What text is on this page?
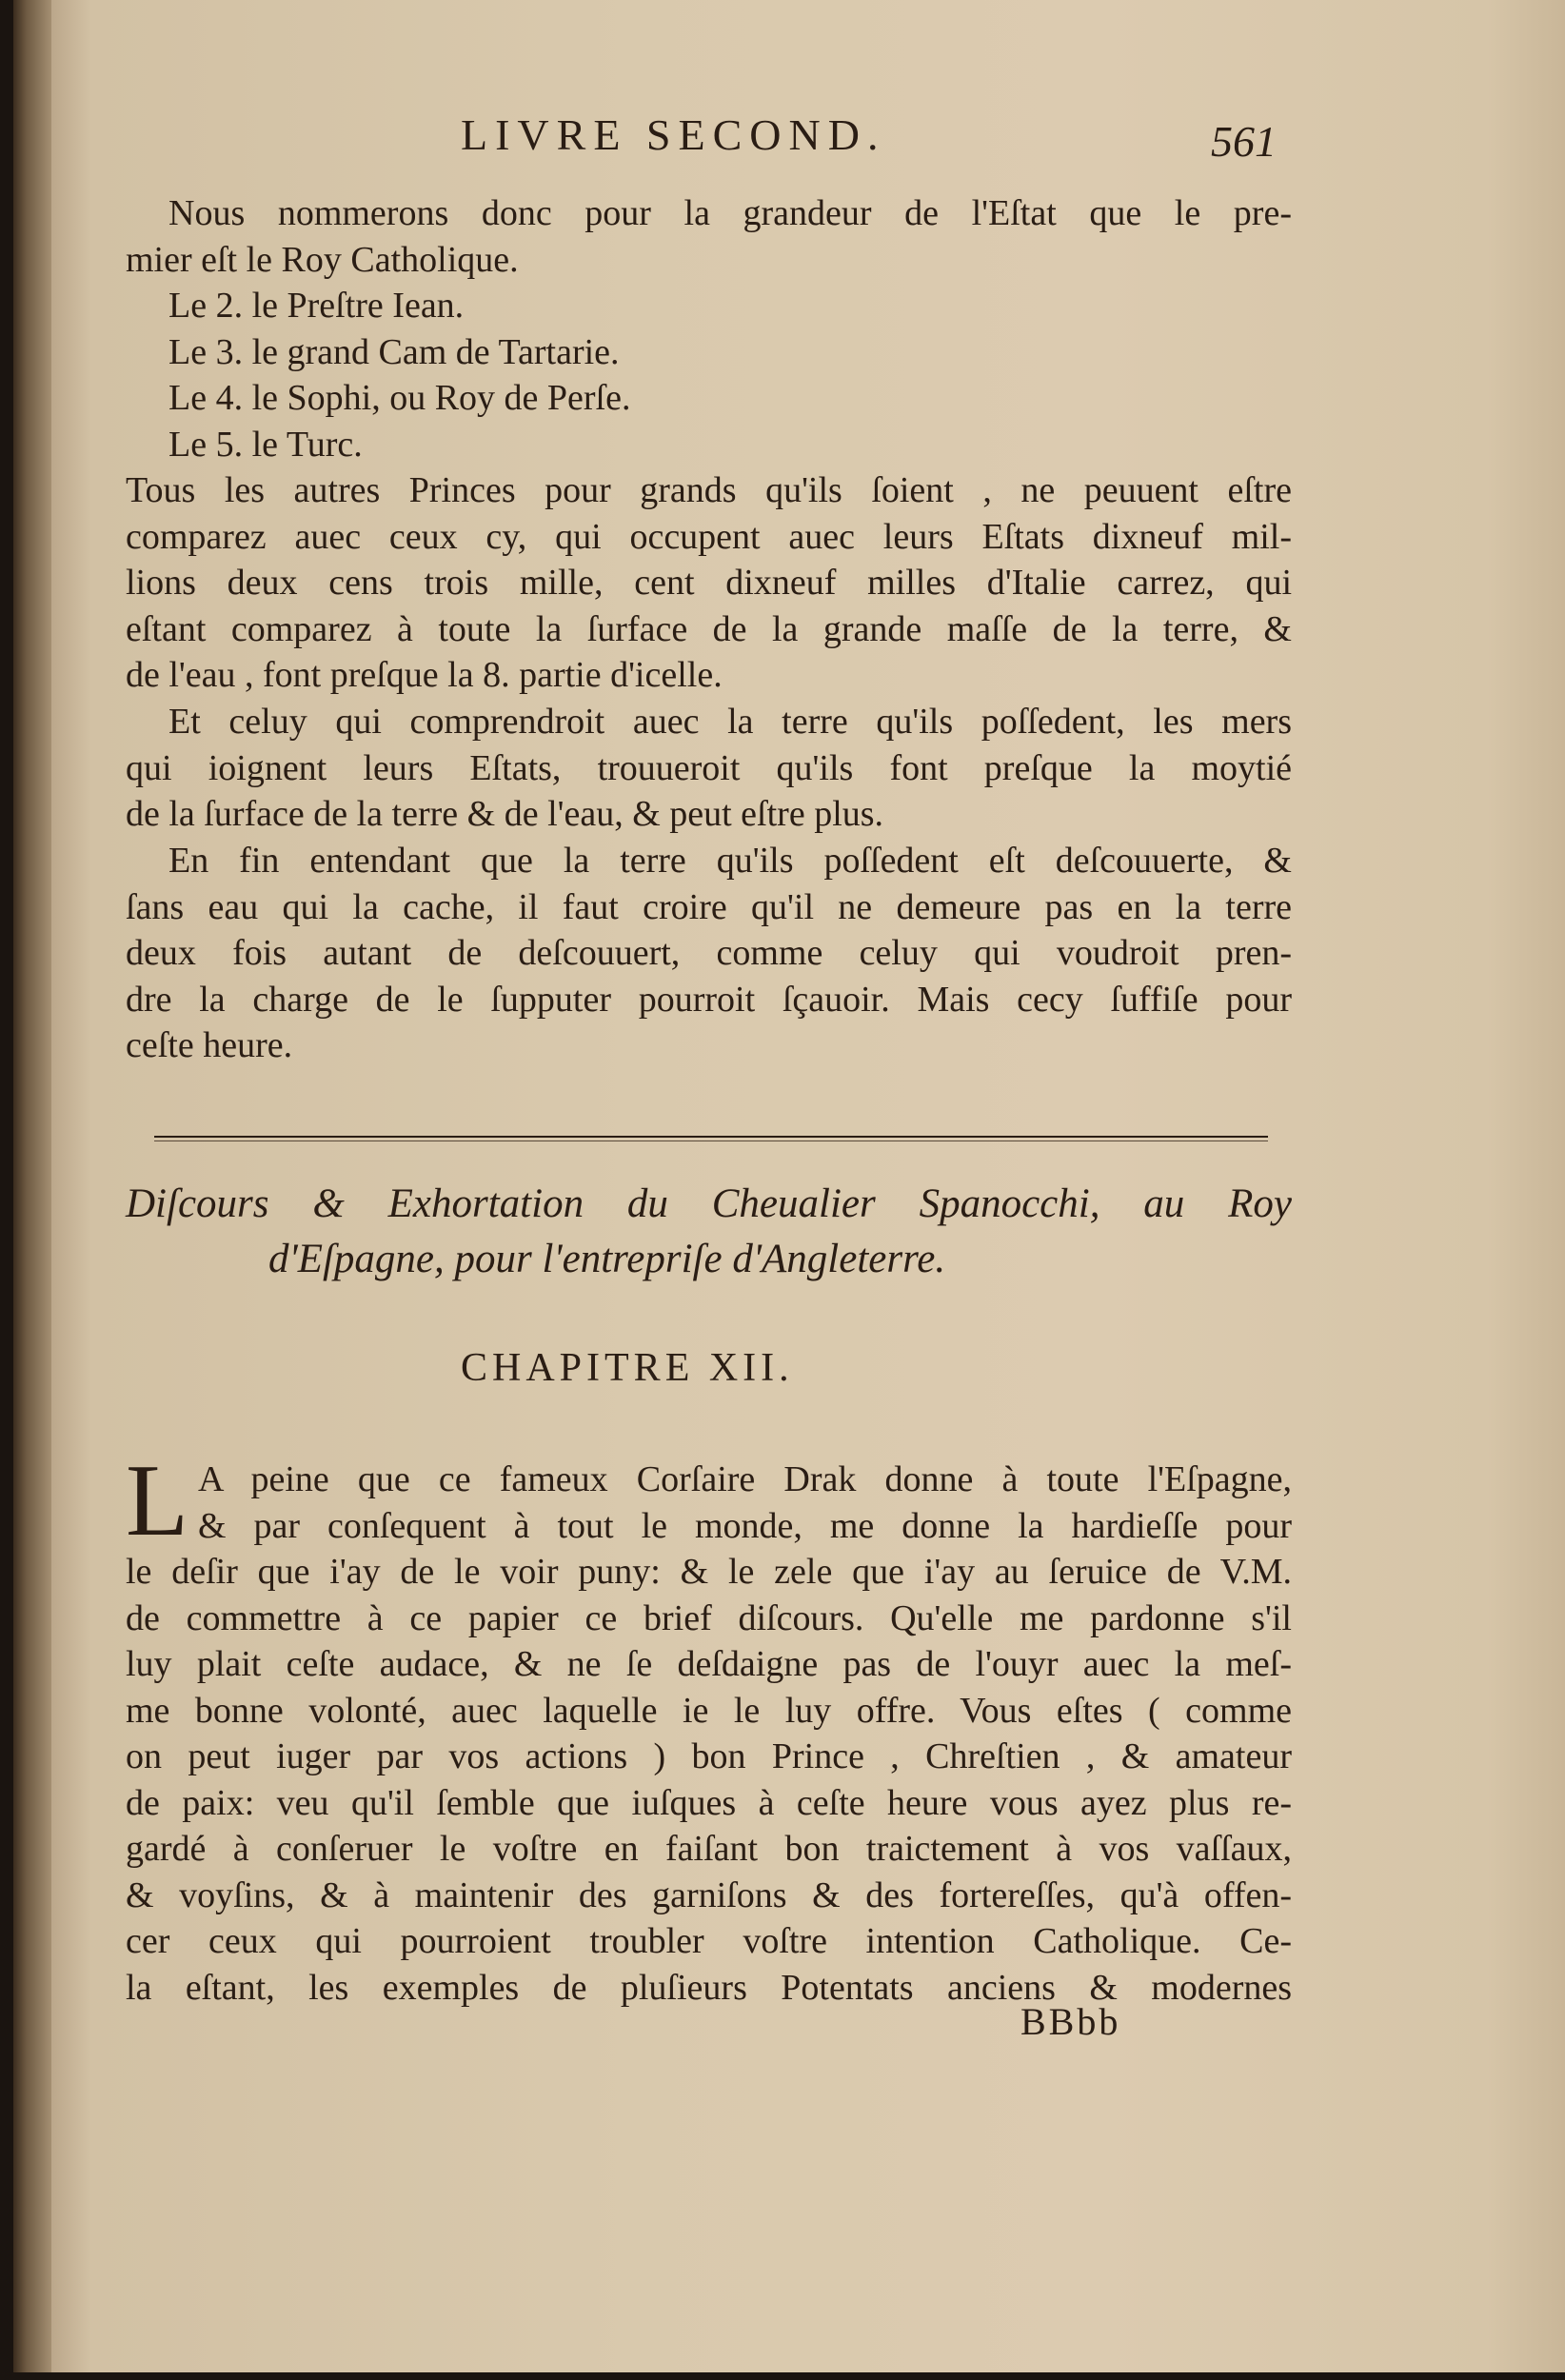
LIVRE SECOND.	561

Nous nommerons donc pour la grandeur de l'Eſtat que le pre-

mier eſt le Roy Catholique.

Le 2. le Preſtre Iean.

Le 3. le grand Cam de Tartarie.

Le 4. le Sophi, ou Roy de Perſe.

Le 5. le Turc.

Tous les autres Princes pour grands qu'ils ſoient , ne peuuent eſtre

comparez auec ceux cy, qui occupent auec leurs Eſtats dixneuf mil-

lions deux cens trois mille, cent dixneuf milles d'Italie carrez, qui

eſtant comparez à toute la ſurface de la grande maſſe de la terre, &

de l'eau , font preſque la 8. partie d'icelle.

Et celuy qui comprendroit auec la terre qu'ils poſſedent, les mers

qui ioignent leurs Eſtats, trouueroit qu'ils font preſque la moytié

de la ſurface de la terre & de l'eau, & peut eſtre plus.

En fin entendant que la terre qu'ils poſſedent eſt deſcouuerte, &

ſans eau qui la cache, il faut croire qu'il ne demeure pas en la terre

deux fois autant de deſcouuert, comme celuy qui voudroit pren-

dre la charge de le ſupputer pourroit ſçauoir. Mais cecy ſuffiſe pour

ceſte heure.

Diſcours & Exhortation du Cheualier Spanocchi, au Roy

d'Eſpagne, pour l'entrepriſe d'Angleterre.

CHAPITRE XII.
L A peine que ce fameux Corſaire Drak donne à toute l'Eſpagne,

& par conſequent à tout le monde, me donne la hardieſſe pour

le deſir que i'ay de le voir puny: & le zele que i'ay au ſeruice de V.M.

de commettre à ce papier ce brief diſcours. Qu'elle me pardonne s'il

luy plait ceſte audace, & ne ſe deſdaigne pas de l'ouyr auec la meſ-

me bonne volonté, auec laquelle ie le luy offre. Vous eſtes ( comme

on peut iuger par vos actions ) bon Prince , Chreſtien , & amateur

de paix: veu qu'il ſemble que iuſques à ceſte heure vous ayez plus re-

gardé à conſeruer le voſtre en faiſant bon traictement à vos vaſſaux,

& voyſins, & à maintenir des garniſons & des fortereſſes, qu'à offen-

cer ceux qui pourroient troubler voſtre intention Catholique. Ce-

la eſtant, les exemples de pluſieurs Potentats anciens & modernes

BBbb
